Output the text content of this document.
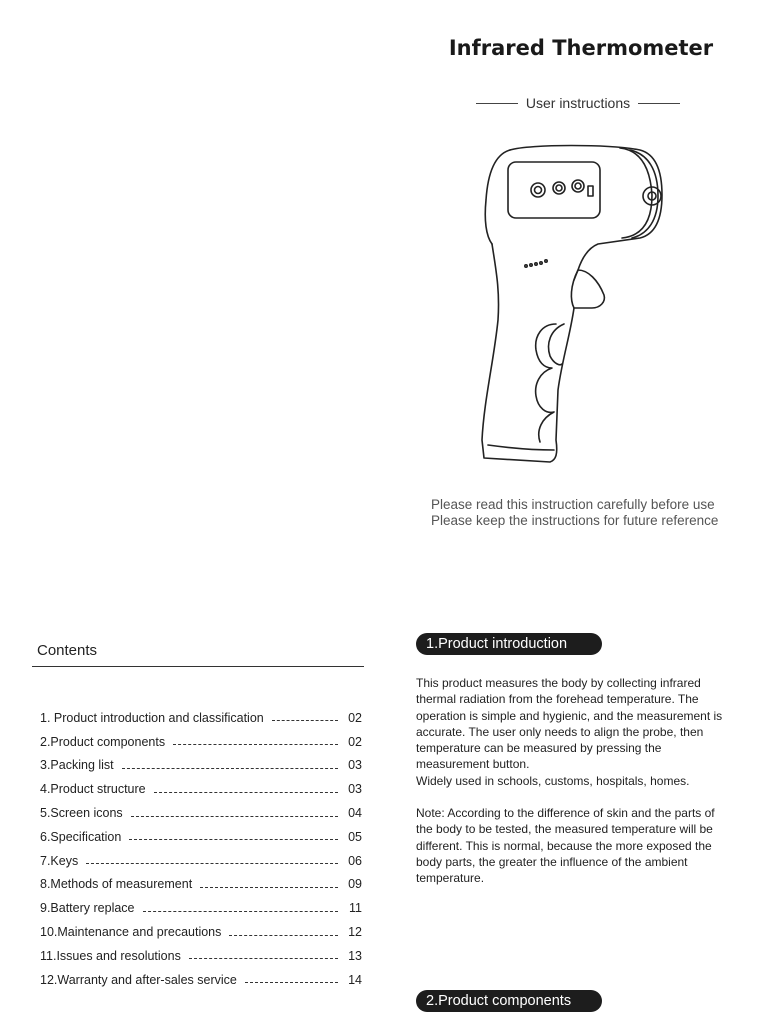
Infrared Thermometer
User instructions
Please read this instruction carefully before use
Please keep the instructions for future reference
Contents
1. Product introduction and classification	02
2.Product components	02
3.Packing list	03
4.Product structure	03
5.Screen icons	04
6.Specification	05
7.Keys	06
8.Methods of measurement	09
9.Battery replace	11
10.Maintenance and precautions	12
11.Issues and resolutions	13
12.Warranty and after-sales service	14
1.Product introduction

This product measures the body by collecting infrared

thermal radiation from the forehead temperature. The

operation is simple and hygienic, and the measurement is

accurate. The user only needs to align the probe, then

temperature can be measured by pressing the

measurement button.

Widely used in schools, customs, hospitals, homes.

Note: According to the difference of skin and the parts of

the body to be tested, the measured temperature will be

different. This is normal, because the more exposed the

body parts, the greater the influence of the ambient

temperature.

2.Product components
